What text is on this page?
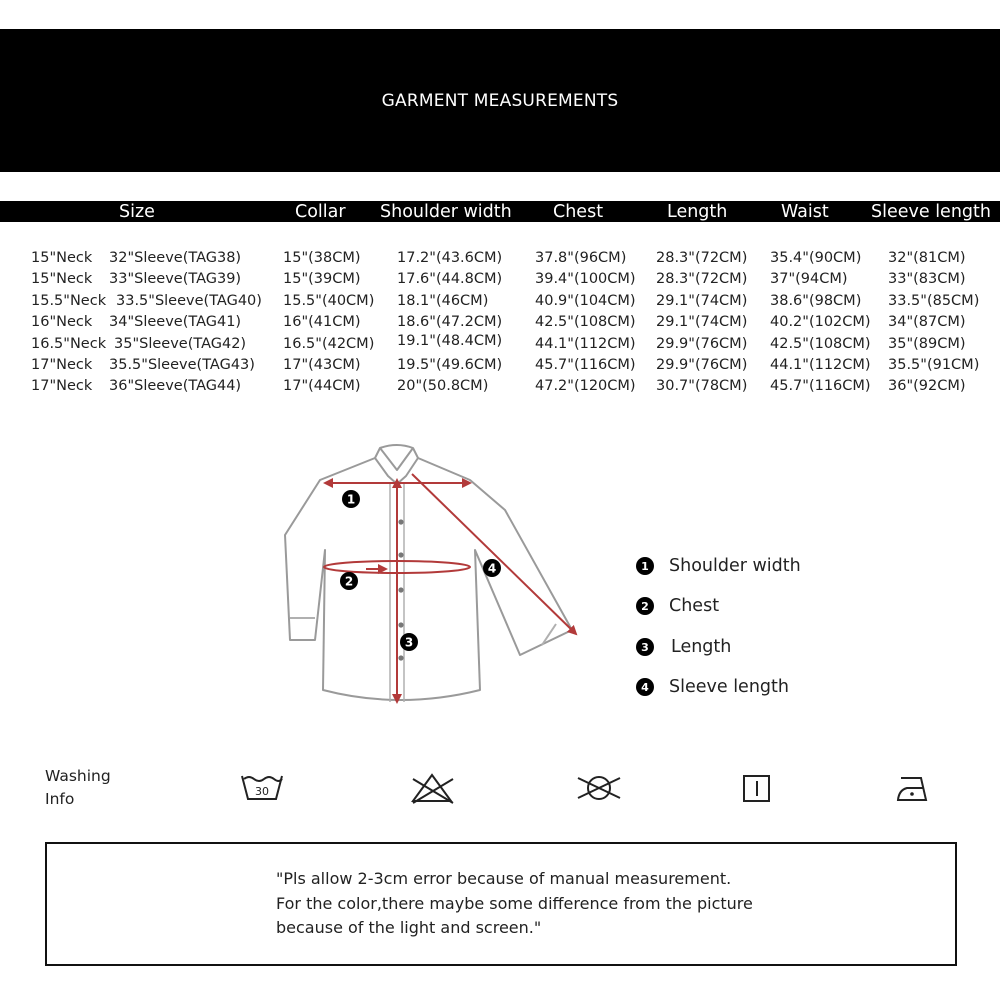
GARMENT MEASUREMENTS
Size	Collar Shoulder width Chest	Length	Waist Sleeve length
15"Neck 32"Sleeve(TAG38)	15"(38CM)	17.2"(43.6CM) 37.8"(96CM) 28.3"(72CM) 35.4"(90CM) 32"(81CM)
15"Neck 33"Sleeve(TAG39)	15"(39CM)	17.6"(44.8CM) 39.4"(100CM) 28.3"(72CM) 37"(94CM)	33"(83CM)
15.5"Neck 33.5"Sleeve(TAG40) 15.5"(40CM) 18.1"(46CM)	40.9"(104CM) 29.1"(74CM) 38.6"(98CM) 33.5"(85CM)
16"Neck 34"Sleeve(TAG41)	16"(41CM)	18.6"(47.2CM) 42.5"(108CM) 29.1"(74CM) 40.2"(102CM) 34"(87CM)
16.5"Neck 35"Sleeve(TAG42)	16.5"(42CM) 19.1"(48.4CM) 44.1"(112CM) 29.9"(76CM) 42.5"(108CM) 35"(89CM)
17"Neck 35.5"Sleeve(TAG43) 17"(43CM)	19.5"(49.6CM) 45.7"(116CM) 29.9"(76CM) 44.1"(112CM) 35.5"(91CM)
17"Neck 36"Sleeve(TAG44)	17"(44CM)	20"(50.8CM)	47.2"(120CM) 30.7"(78CM) 45.7"(116CM) 36"(92CM)
1
2
3
4	1 Shoulder width
2 Chest
3 Length
4 Sleeve length
Washing
Info	30
"Pls allow 2-3cm error because of manual measurement.
For the color,there maybe some difference from the picture
because of the light and screen."
